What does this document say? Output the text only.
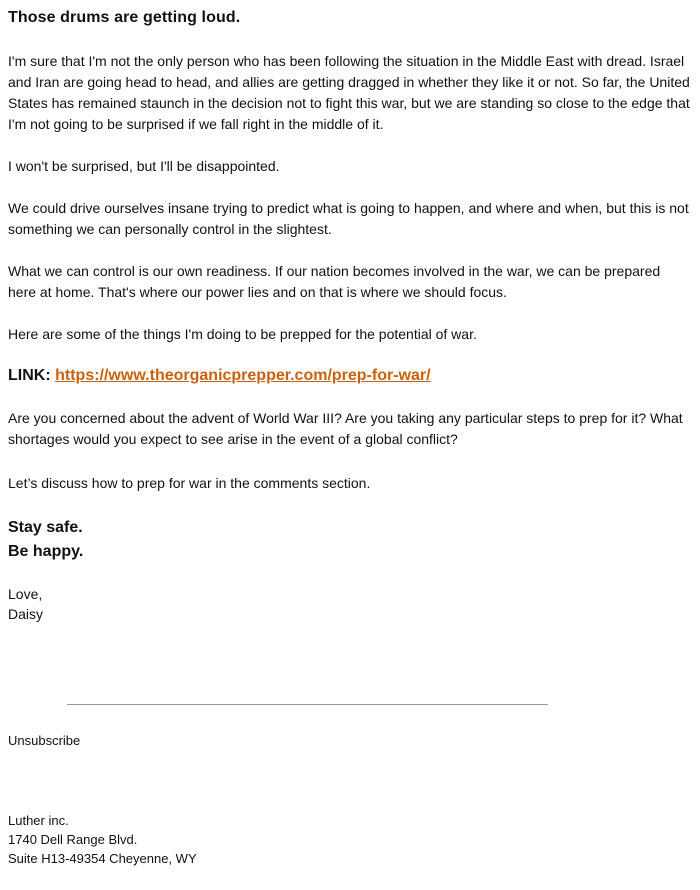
Those drums are getting loud.

I'm sure that I'm not the only person who has been following the situation in the Middle East with dread. Israel and Iran are going head to head, and allies are getting dragged in whether they like it or not. So far, the United States has remained staunch in the decision not to fight this war, but we are standing so close to the edge that I'm not going to be surprised if we fall right in the middle of it.

I won't be surprised, but I'll be disappointed.

We could drive ourselves insane trying to predict what is going to happen, and where and when, but this is not something we can personally control in the slightest.

What we can control is our own readiness. If our nation becomes involved in the war, we can be prepared here at home. That's where our power lies and on that is where we should focus.

Here are some of the things I'm doing to be prepped for the potential of war.

LINK: https://www.theorganicprepper.com/prep-for-war/

Are you concerned about the advent of World War III? Are you taking any particular steps to prep for it? What shortages would you expect to see arise in the event of a global conflict?

Let’s discuss how to prep for war in the comments section.

Stay safe.
Be happy.

Love,
Daisy

Unsubscribe

Luther inc.
1740 Dell Range Blvd.
Suite H13-49354 Cheyenne, WY
